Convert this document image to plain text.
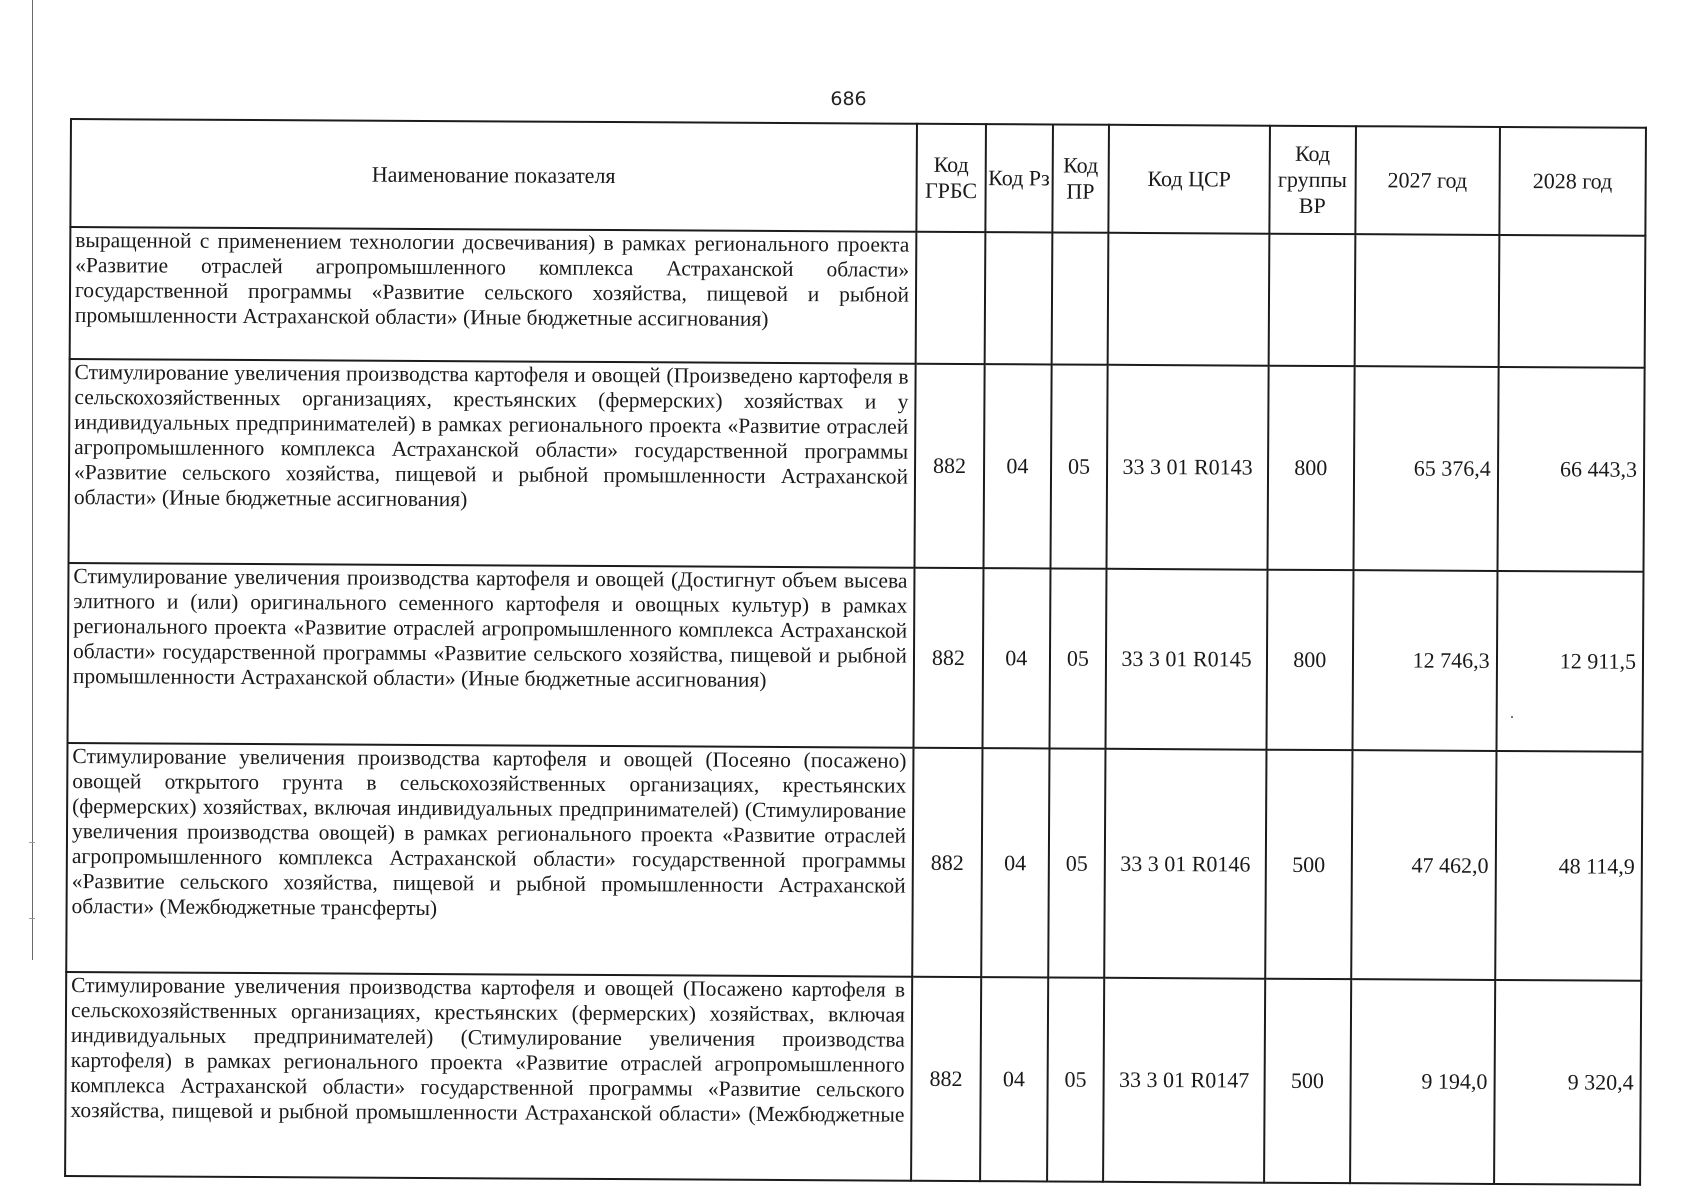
686
Наименование показателя	Код ГРБС	Код Рз	Код ПР	Код ЦСР	Код группы ВР	2027 год	2028 год
выращенной с применением технологии досвечивания) в рамках регионального проекта «Развитие отраслей агропромышленного комплекса Астраханской области» государственной программы «Развитие сельского хозяйства, пищевой и рыбной промышленности Астраханской области» (Иные бюджетные ассигнования)							
Стимулирование увеличения производства картофеля и овощей (Произведено картофеля в сельскохозяйственных организациях, крестьянских (фермерских) хозяйствах и у индивидуальных предпринимателей) в рамках регионального проекта «Развитие отраслей агропромышленного комплекса Астраханской области» государственной программы «Развитие сельского хозяйства, пищевой и рыбной промышленности Астраханской области» (Иные бюджетные ассигнования)	882	04	05	33 3 01 R0143	800	65 376,4	66 443,3
Стимулирование увеличения производства картофеля и овощей (Достигнут объем высева элитного и (или) оригинального семенного картофеля и овощных культур) в рамках регионального проекта «Развитие отраслей агропромышленного комплекса Астраханской области» государственной программы «Развитие сельского хозяйства, пищевой и рыбной промышленности Астраханской области» (Иные бюджетные ассигнования)	882	04	05	33 3 01 R0145	800	12 746,3	12 911,5
Стимулирование увеличения производства картофеля и овощей (Посеяно (посажено) овощей открытого грунта в сельскохозяйственных организациях, крестьянских (фермерских) хозяйствах, включая индивидуальных предпринимателей) (Стимулирование увеличения производства овощей) в рамках регионального проекта «Развитие отраслей агропромышленного комплекса Астраханской области» государственной программы «Развитие сельского хозяйства, пищевой и рыбной промышленности Астраханской области» (Межбюджетные трансферты)	882	04	05	33 3 01 R0146	500	47 462,0	48 114,9
Стимулирование увеличения производства картофеля и овощей (Посажено картофеля в сельскохозяйственных организациях, крестьянских (фермерских) хозяйствах, включая индивидуальных предпринимателей) (Стимулирование увеличения производства картофеля) в рамках регионального проекта «Развитие отраслей агропромышленного комплекса Астраханской области» государственной программы «Развитие сельского хозяйства, пищевой и рыбной промышленности Астраханской области» (Межбюджетные	882	04	05	33 3 01 R0147	500	9 194,0	9 320,4
